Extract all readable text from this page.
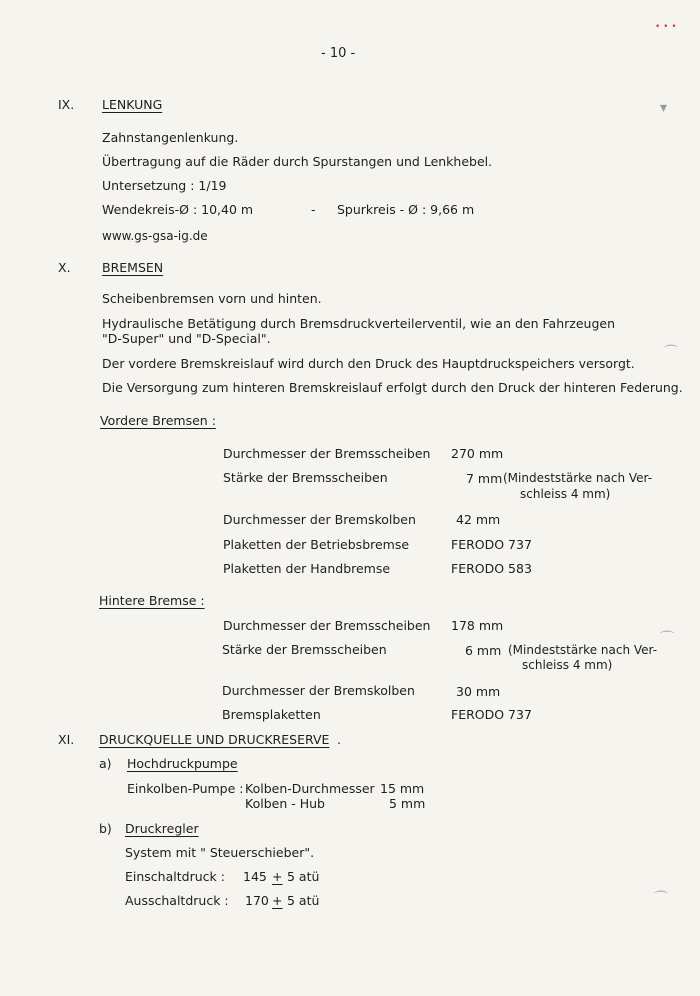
- 10 -
• • •
▾
⌒
⌒
⌒
IX. LENKUNG
Zahnstangenlenkung.
Übertragung auf die Räder durch Spurstangen und Lenkhebel.
Untersetzung : 1/19
Wendekreis-Ø : 10,40 m	- Spurkreis - Ø : 9,66 m
www.gs-gsa-ig.de
X.	BREMSEN
Scheibenbremsen vorn und hinten.
Hydraulische Betätigung durch Bremsdruckverteilerventil, wie an den Fahrzeugen
"D-Super" und "D-Special".
Der vordere Bremskreislauf wird durch den Druck des Hauptdruckspeichers versorgt.
Die Versorgung zum hinteren Bremskreislauf erfolgt durch den Druck der hinteren Federung.
Vordere Bremsen :
Durchmesser der Bremsscheiben 270 mm
Stärke der Bremsscheiben	7 mm (Mindeststärke nach Ver-
schleiss 4 mm)
Durchmesser der Bremskolben	42 mm
Plaketten der Betriebsbremse	FERODO 737
Plaketten der Handbremse	FERODO 583
Hintere Bremse :
Durchmesser der Bremsscheiben 178 mm
Stärke der Bremsscheiben	6 mm (Mindeststärke nach Ver-
schleiss 4 mm)
Durchmesser der Bremskolben	30 mm
Bremsplaketten	FERODO 737
XI. DRUCKQUELLE UND DRUCKRESERVE .
a) Hochdruckpumpe
Einkolben-Pumpe : Kolben-Durchmesser 15 mm
Kolben - Hub	5 mm
b) Druckregler
System mit " Steuerschieber".
Einschaltdruck : 145 + 5 atü
Ausschaltdruck : 170 + 5 atü
